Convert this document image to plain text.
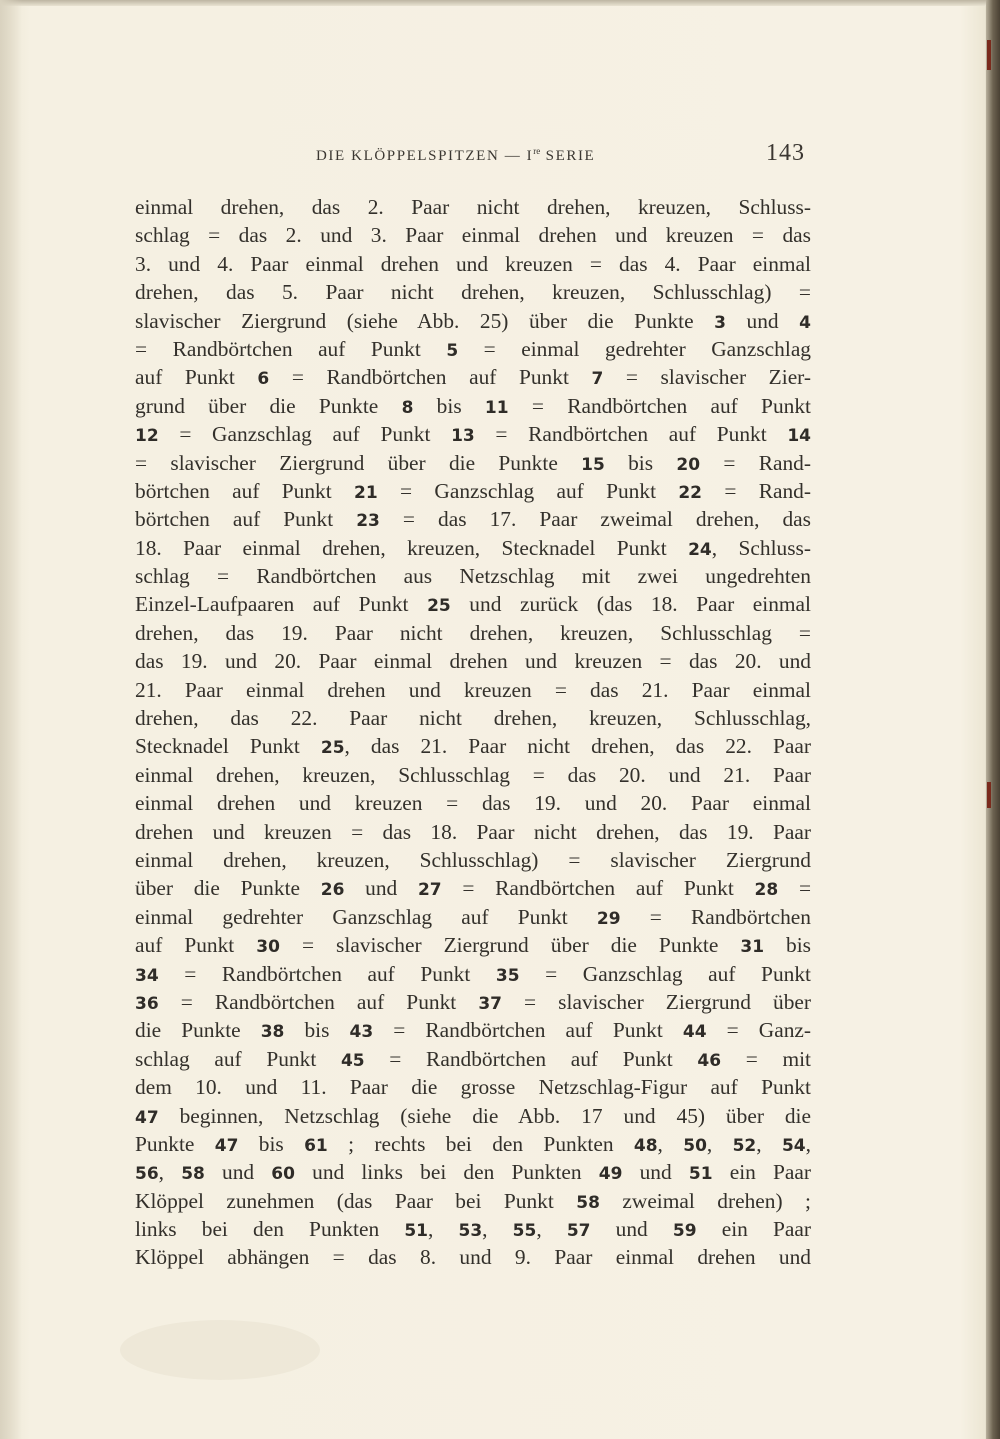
DIE KLÖPPELSPITZEN — Ire SERIE	143
einmal drehen, das 2. Paar nicht drehen, kreuzen, Schluss-
schlag = das 2. und 3. Paar einmal drehen und kreuzen = das
3. und 4. Paar einmal drehen und kreuzen = das 4. Paar einmal
drehen, das 5. Paar nicht drehen, kreuzen, Schlusschlag) =
slavischer Ziergrund (siehe Abb. 25) über die Punkte 3 und 4
= Randbörtchen auf Punkt 5 = einmal gedrehter Ganzschlag
auf Punkt 6 = Randbörtchen auf Punkt 7 = slavischer Zier-
grund über die Punkte 8 bis 11 = Randbörtchen auf Punkt
12 = Ganzschlag auf Punkt 13 = Randbörtchen auf Punkt 14
= slavischer Ziergrund über die Punkte 15 bis 20 = Rand-
börtchen auf Punkt 21 = Ganzschlag auf Punkt 22 = Rand-
börtchen auf Punkt 23 = das 17. Paar zweimal drehen, das
18. Paar einmal drehen, kreuzen, Stecknadel Punkt 24, Schluss-
schlag = Randbörtchen aus Netzschlag mit zwei ungedrehten
Einzel-Laufpaaren auf Punkt 25 und zurück (das 18. Paar einmal
drehen, das 19. Paar nicht drehen, kreuzen, Schlusschlag =
das 19. und 20. Paar einmal drehen und kreuzen = das 20. und
21. Paar einmal drehen und kreuzen = das 21. Paar einmal
drehen, das 22. Paar nicht drehen, kreuzen, Schlusschlag,
Stecknadel Punkt 25, das 21. Paar nicht drehen, das 22. Paar
einmal drehen, kreuzen, Schlusschlag = das 20. und 21. Paar
einmal drehen und kreuzen = das 19. und 20. Paar einmal
drehen und kreuzen = das 18. Paar nicht drehen, das 19. Paar
einmal drehen, kreuzen, Schlusschlag) = slavischer Ziergrund
über die Punkte 26 und 27 = Randbörtchen auf Punkt 28 =
einmal gedrehter Ganzschlag auf Punkt 29 = Randbörtchen
auf Punkt 30 = slavischer Ziergrund über die Punkte 31 bis
34 = Randbörtchen auf Punkt 35 = Ganzschlag auf Punkt
36 = Randbörtchen auf Punkt 37 = slavischer Ziergrund über
die Punkte 38 bis 43 = Randbörtchen auf Punkt 44 = Ganz-
schlag auf Punkt 45 = Randbörtchen auf Punkt 46 = mit
dem 10. und 11. Paar die grosse Netzschlag-Figur auf Punkt
47 beginnen, Netzschlag (siehe die Abb. 17 und 45) über die
Punkte 47 bis 61 ; rechts bei den Punkten 48, 50, 52, 54,
56, 58 und 60 und links bei den Punkten 49 und 51 ein Paar
Klöppel zunehmen (das Paar bei Punkt 58 zweimal drehen) ;
links bei den Punkten 51, 53, 55, 57 und 59 ein Paar
Klöppel abhängen = das 8. und 9. Paar einmal drehen und
